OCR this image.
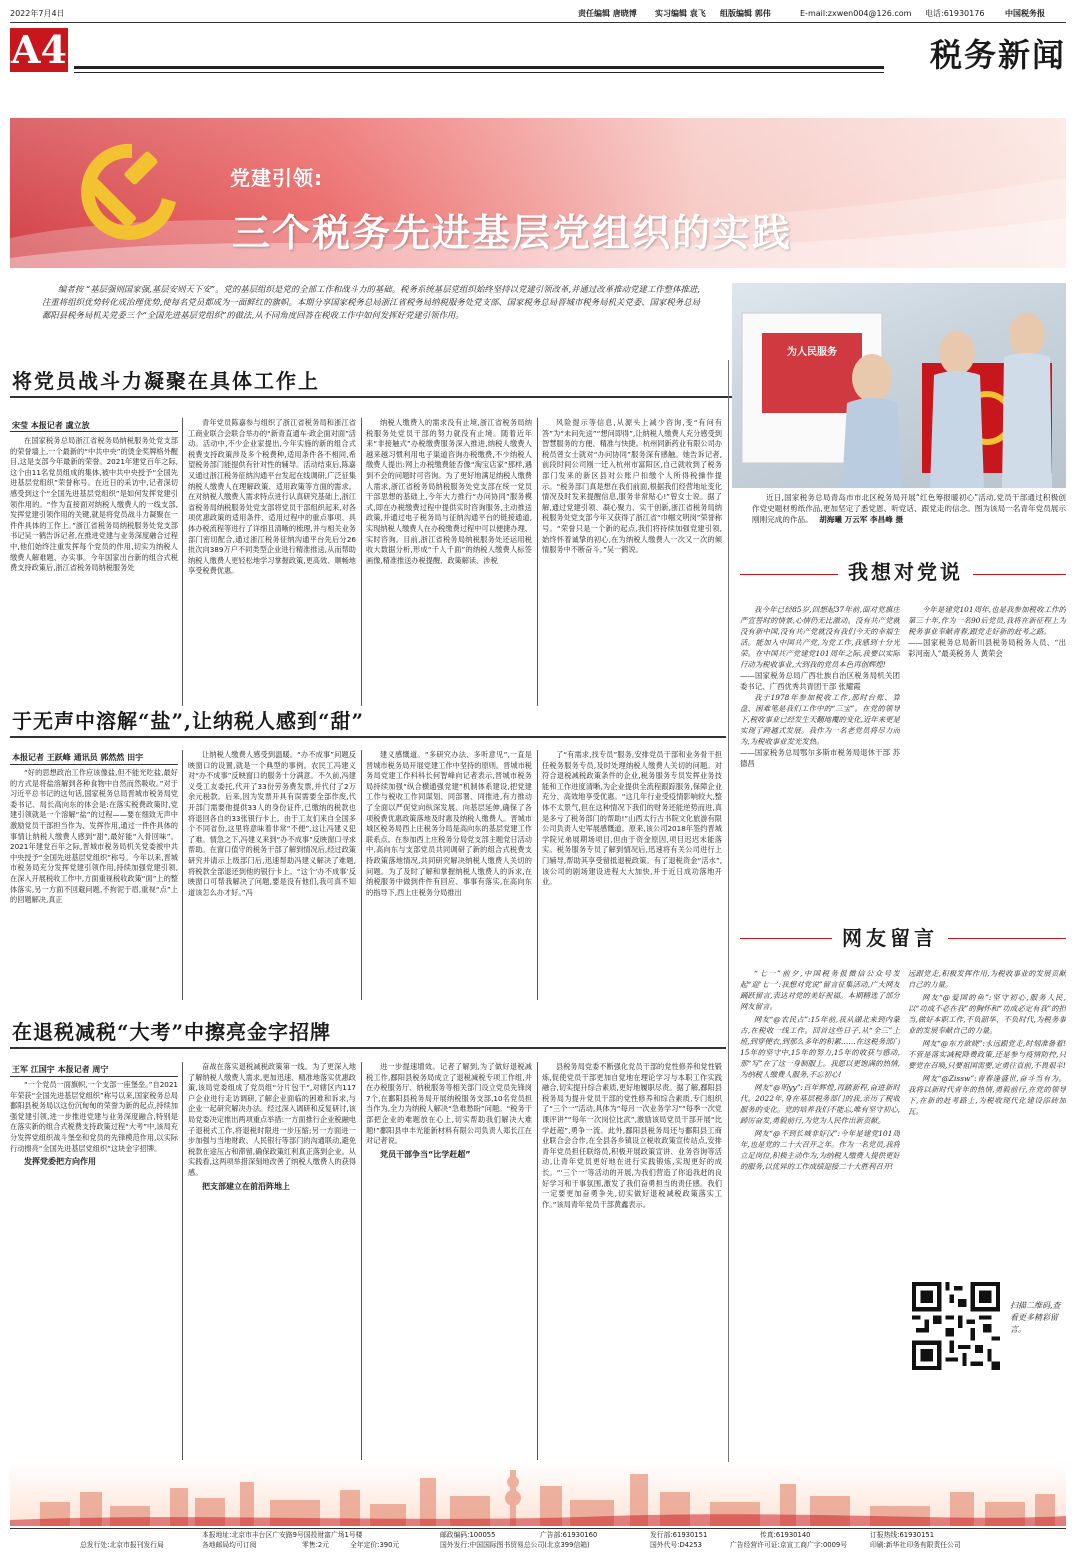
2022年7月4日	责任编辑 唐晓博 实习编辑 袁飞 组版编辑 郭伟	E-mail:zxwen004@126.com 电话:61930176	中国税务报
A4	税务新闻
党建引领:
三个税务先进基层党组织的实践
编者按 “基层强则国家强,基层安则天下安”。党的基层组织是党的全部工作和战斗力的基础。税务系统基层党组织始终坚持以党建引领改革,并通过改革推动党建工作整体推进,注重将组织优势转化成治理优势,使每名党员都成为一面鲜红的旗帜。本期分享国家税务总局浙江省税务局纳税服务处党支部、国家税务总局晋城市税务局机关党委、国家税务总局鄱阳县税务局机关党委三个“全国先进基层党组织”的做法,从不同角度回答在税收工作中如何发挥好党建引领作用。
为人民服务
近日,国家税务总局青岛市市北区税务局开展“红色筹报暖初心”活动,党员干部通过积极创作党史题材剪纸作品,更加坚定了悉党恩、听党话、跟党走的信念。图为该局一名青年党员展示刚刚完成的作品。 胡海曦 万云军 李昌峰 摄
将党员战斗力凝聚在具体工作上
宋莹 本报记者 虞立放

在国家税务总局浙江省税务局纳税服务处党支部的荣誉墙上,一个最新的“中共中央”的烫金奖牌格外醒目,这是支部今年最新的荣誉。2021年建党百年之际,这个由11名党员组成的集体,被中共中央授予“全国先进基层党组织”荣誉称号。在近日的采访中,记者深切感受到这个“全国先进基层党组织”是如何发挥党建引领作用的。“作为直接面对纳税人缴费人的一线支部,发挥党建引领作用的关键,就是将党员战斗力凝聚在一件件具体的工作上。”浙江省税务局纳税服务处党支部书记吴一鹤告诉记者,在推进党建与业务深度融合过程中,他们始终注重发挥每个党员的作用,切实为纳税人缴费人解难题、办实事。今年国家出台新的组合式税费支持政策后,浙江省税务局纳税服务处

青年党员陈嘉参与组织了浙江省税务局和浙江省工商业联合会联合举办的“新青直通车·政企面对面”活动。活动中,不少企业家提出,今年实施的新的组合式税费支持政策涉及多个税费种,适用条件各不相同,希望税务部门能提供有针对性的辅导。活动结束后,陈嘉又通过浙江税务征纳沟通平台发起在线调研,广泛征集纳税人缴费人在理解政策、适用政策等方面的需求。在对纳税人缴费人需求特点进行认真研究基础上,浙江省税务局纳税服务处党支部将党员干部组织起来,对各项优惠政策的适用条件、适用过程中的重点事项、具体办税流程等进行了详细且清晰的梳理,并与相关业务部门密切配合,通过浙江税务征纳沟通平台先后分26批次向389万户不同类型企业进行精准推送,从而帮助纳税人缴费人更轻松地学习掌握政策,更高效、顺畅地享受税费优惠。

纳税人缴费人的需求没有止境,浙江省税务局纳税服务处党员干部的努力就没有止境。随着近年来“非接触式”办税缴费服务深入推进,纳税人缴费人越来越习惯利用电子渠道咨询办税缴费,不少纳税人缴费人提出:网上办税缴费能否像“淘宝店家”那样,遇到不会的问题时可咨询。为了更好地满足纳税人缴费人需求,浙江省税务局纳税服务处党支部在统一党员干部思想的基础上,今年大力推行“办问协同”服务模式,即在办税缴费过程中提供实时咨询服务,主动推送政策,并通过电子税务局与征纳沟通平台的链接通道,实现纳税人缴费人在办税缴费过程中可以便捷办理、实时咨询。目前,浙江省税务局纳税服务处还运用税收大数据分析,形成“千人千面”的纳税人缴费人标签画像,精准推送办税提醒、政策解读、涉税

风险提示等信息,从源头上减少咨询,变“有问有答”为“未问先送”“想问即得”,让纳税人缴费人充分感受到智慧服务的方便、精准与快捷。杭州同新药业有限公司办税员曾女士就对“办问协同”服务深有感触。她告诉记者,前段时间公司刚一迁入杭州市富阳区,自己就收到了税务部门发来的新区县对公账户扣缴个人所得税操作提示。“税务部门真是想在我们前面,根据我们经营地址变化情况及时发来提醒信息,服务非常贴心!”曾女士说。据了解,通过党建引领、凝心聚力、实干创新,浙江省税务局纳税服务处党支部今年又获得了浙江省“巾帼文明岗”荣誉称号。“荣誉只是一个新的起点,我们将持续加强党建引领,始终怀着诚挚的初心,在为纳税人缴费人一次又一次的倾情服务中不断奋斗。”吴一鹤说。

于无声中溶解“盐”,让纳税人感到“甜”
本报记者 王跃峰 通讯员 郭然然 田宇

“好的思想政治工作应该像盐,但不能光吃盐,最好的方式是将盐溶解到各种食物中自然而然吸收。”对于习近平总书记的这句话,国家税务总局晋城市税务局党委书记、局长高向东的体会是:在落实税费政策时,党建引领就是一个溶解“盐”的过程——要在细致无声中激励党员干部担当作为、发挥作用,通过一件件具体的事情让纳税人缴费人感到“甜”,最好能“入骨回味”。2021年建党百年之际,晋城市税务局机关党委被中共中央授予“全国先进基层党组织”称号。今年以来,晋城市税务局充分发挥党建引领作用,持续加强党建引领,在深入开展税收工作中,方面重视税收政策“面”上的整体落实,另一方面不回避问题,不拘泥于眉,重视“点”上的回题解决,真正

让纳税人缴费人感受到温暖。“办不成事”问题反映窗口的设置,就是一个典型的事例。农民工冯建义对“办不成事”反映窗口的服务十分满意。不久前,冯建义受工友委托,代开了33份劳务费发票,并代付了2万余元税款。后来,因为发票开具有误需要全部作废,代开部门需要他提供33人的身份证件,已缴纳的税款也将退回各自的33张银行卡上。由于工友们来自全国多个不同省份,这里将意味着非常“不便”,这让冯建义犯了难。情急之下,冯建义来到“办不成事”反映窗口寻求帮助。在窗口值守的税务干部了解到情况后,经过政策研究并请示上级部门后,迅速帮助冯建义解决了难题,将税款全部退还到他的银行卡上。“这个‘办不成事’反映窗口可帮我解决了问题,要是没有他们,我可真不知道该怎么办才好。”冯

建义感慨道。“多研究办法、多听意见”,一直是晋城市税务局开展党建工作中坚持的原则。晋城市税务局党建工作科科长何智峰向记者表示,晋城市税务局持续加强“纵合横通强党建”机制体系建设,把党建工作与税收工作同谋划、同部署、同推进,有力推动了全面以严促党向纵深发展、向基层延伸,确保了各项税费优惠政策落地及时惠及纳税人缴费人。晋城市城区税务局西上庄税务分局是高向东的基层党建工作联系点。在参加西上庄税务分局党支部主题党日活动中,高向东与支部党员共同调研了新的组合式税费支持政策落地情况,共同研究解决纳税人缴费人关切的问题。为了及时了解和掌握纳税人缴费人的诉求,在纳税服务中做到件件有回应、事事有落实,在高向东的指导下,西上庄税务分局推出

了“有需求,找专员”服务,安排党员干部和业务骨干担任税务服务专员,及时处理纳税人缴费人关切的问题。对符合退税减税政策条件的企业,税务服务专员发挥业务技能和工作进度清晰,为企业提供全流程跟踪服务,保障企业充分、高效地享受优惠。“这几年行业受疫情影响较大,整体不太景气,但在这种情况下我们的财务还能逆势而进,真是多亏了税务部门的帮助!”山西太行古书院文化旅游有限公司负责人史军展感慨道。原来,该公司2018年签约晋城学院兄弟展期场项目,但由于资金原因,项目迟迟未能落实。税务服务专员了解到情况后,迅速将有关公司进行上门辅导,帮助其享受留抵退税政策。有了退税资金“活水”,该公司的剧场建设进程大大加快,并于近日成功落地开业。

在退税减税“大考”中擦亮金字招牌
王军 江国宇 本报记者 周宁

“一个党员一面旗帜,一个支部一座堡垒。”自2021年荣获“全国先进基层党组织”称号以来,国家税务总局鄱阳县税务局以这份沉甸甸的荣誉为新的起点,持续加强党建引领,进一步推进党建与业务深度融合,特别是在落实新的组合式税费支持政策过程“大考”中,该局充分发挥党组织战斗堡垒和党员的先锋模范作用,以实际行动擦亮“全国先进基层党组织”这块金字招牌。

发挥党委把方向作用

奋战在落实退税减税政策第一线。为了更深入地了解纳税人缴费人需求,更加迅速、精准地落实优惠政策,该局党委组成了党员组“分片包干”,对辖区内117户企业进行走访调研,了解企业面临的困难和诉求,与企业一起研究解决办法。经过深入调研和反复研讨,该局党委决定推出两项重点举措:一方面推行企业税融电子退税式工作,将退税时限进一步压缩;另一方面进一步加强与当地财政、人民银行等部门的沟通联动,避免税款在途压占和滞留,确保政策红利真正落到企业。从实践看,这两项举措深刻地改善了纳税人缴费人的获得感。

把支部建立在前沿阵地上

进一步提速增效。记者了解到,为了做好退税减税工作,鄱阳县税务局成立了退税减税专项工作组,并在办税服务厅、纳税服务等相关部门设立党员先锋岗7个,在鄱阳县税务局开展纳税服务支部,10名党员担当作为,全力为纳税人解决“急难愁盼”问题。“税务干部把企业的难题放在心上,切实帮助我们解决大难题!”鄱阳县申丰光能新材料有限公司负责人郑长江在对记者说。

党员干部争当“比学赶超”

县税务局党委不断强化党员干部的党性修养和党性锻炼,促使党员干部更加自觉地在理论学习与本职工作实践融合,切实提升综合素质,更好地履职尽责。据了解,鄱阳县税务局为提升党员干部的党性修养和综合素质,专门组织了“三个一”活动,具体为“每月一次业务学习”“每季一次党课评讲”“每年一次岗位比武”,激励该局党员干部开展“比学赶超”,勇争一流。此外,鄱阳县税务局还与鄱阳县工商业联合会合作,在全县各乡镇设立税收政策宣传站点,安排青年党员担任联络员,积极开展政策宣讲、业务咨询等活动,让青年党员更好地在进行实践锻炼,实现更好的成长。“‘三个一’等活动的开展,为我们营造了你追我赶的良好学习和干事氛围,激发了我们奋勇担当的责任感。我们一定要更加奋勇争先,切实做好退税减税政策落实工作。”该局青年党员干部黄鑫表示。

我想对党说

我今年已经85岁,回想起37年前,面对党旗庄严宣誓时的情景,心情仍无比激动。没有共产党就没有新中国,没有共产党就没有我们今天的幸福生活。能加入中国共产党,为党工作,我感到十分光荣。在中国共产党建党101周年之际,我要以实际行动为税收事业,大到我的党员本色再创辉煌!

——国家税务总局广西壮族自治区税务局机关团委书记、广西优秀共青团干部 张耀霞

我于1978年参加税收工作,那时台账、算盘、困难笔是我们工作中的“三宝”。在党的领导下,税收事业已经发生天翻地覆的变化,近年来更是实现了跨越式发展。我作为一名老党员将尽力而为,为税收事业发光发热。

——国家税务总局鄂尔多斯市税务局退休干部 苏德昌

今年是建党101周年,也是我参加税收工作的第三十年,作为一名90后党员,我将在新征程上为税务事业奉献青春,跟党走好新的赶考之路。

——国家税务总局新川县税务局税务人员、“出彩河南人”最美税务人 黄荣会

网友留言

“七一”前夕,中国税务报微信公众号发起“迎‘七一’:我想对党说”留言征集活动,广大网友踊跃留言,表达对党的美好祝福。本期精选了部分网友留言。

网友“@农民占”:15年前,我从湖北来到内蒙古,在税收一线工作。回首这些日子,从“全三”上班,到穿便衣,到那么多年的积累……在这税务部门15年的坚守中,15年的努力,15年的收获与感动,那“写”在了这一身制服上。我愿以更饱满的热情,为纳税人缴费人服务,不忘初心!

网友“@明yy”:百年辉煌,再踏新程,奋进新时代。2022年,身在基层税务部门的我,亲历了税收服务的变化。党的培养我们不能忘,唯有坚守初心,踔厉奋发,勇毅前行,为党为人民作出新贡献。

网友“@不到长城非好汉”:今年是建党101周年,也是党的二十大召开之年。作为一名党员,我将立足岗位,积极主动作为,为纳税人缴费人提供更好的服务,以优异的工作成绩迎接二十大胜利召开!

远跟党走,积极发挥作用,为税收事业的发展贡献自己的力量。

网友“@爱国的鱼”:坚守初心,服务人民,以“功成不必在我”的胸怀和“功成必定有我”的担当,做好本职工作,不负韶华、不负时代,为税务事业的发展奉献自己的力量。

网友“@东方欲晓”:永远跟党走,时刻准备着!不管是落实减税降费政策,还是参与疫情防控,只要党在召唤,只要祖国需要,定勇往直前,不畏艰辛!

网友“@Zissw”:青春逢盛世,奋斗当有为。我将以新时代青年的热情,勇毅前行,在党的领导下,在新的赶考路上,为税收现代化建设添砖加瓦。

扫描二维码,查看更多精彩留言。
本报地址:北京市丰台区广安路9号国投财富广场1号楼	邮政编码:100055	广告部:61930160	发行部:61930151	传真:61930140	订报热线:61930151
总发行处:北京市报刊发行局	各地邮局均可订阅	零售:2元	全年定价:390元	国外发行:中国国际图书贸易总公司(北京399信箱)	国外代号:D4253	广告经营许可证:京宣工商广字:0009号	印刷:新华社印务有限责任公司
